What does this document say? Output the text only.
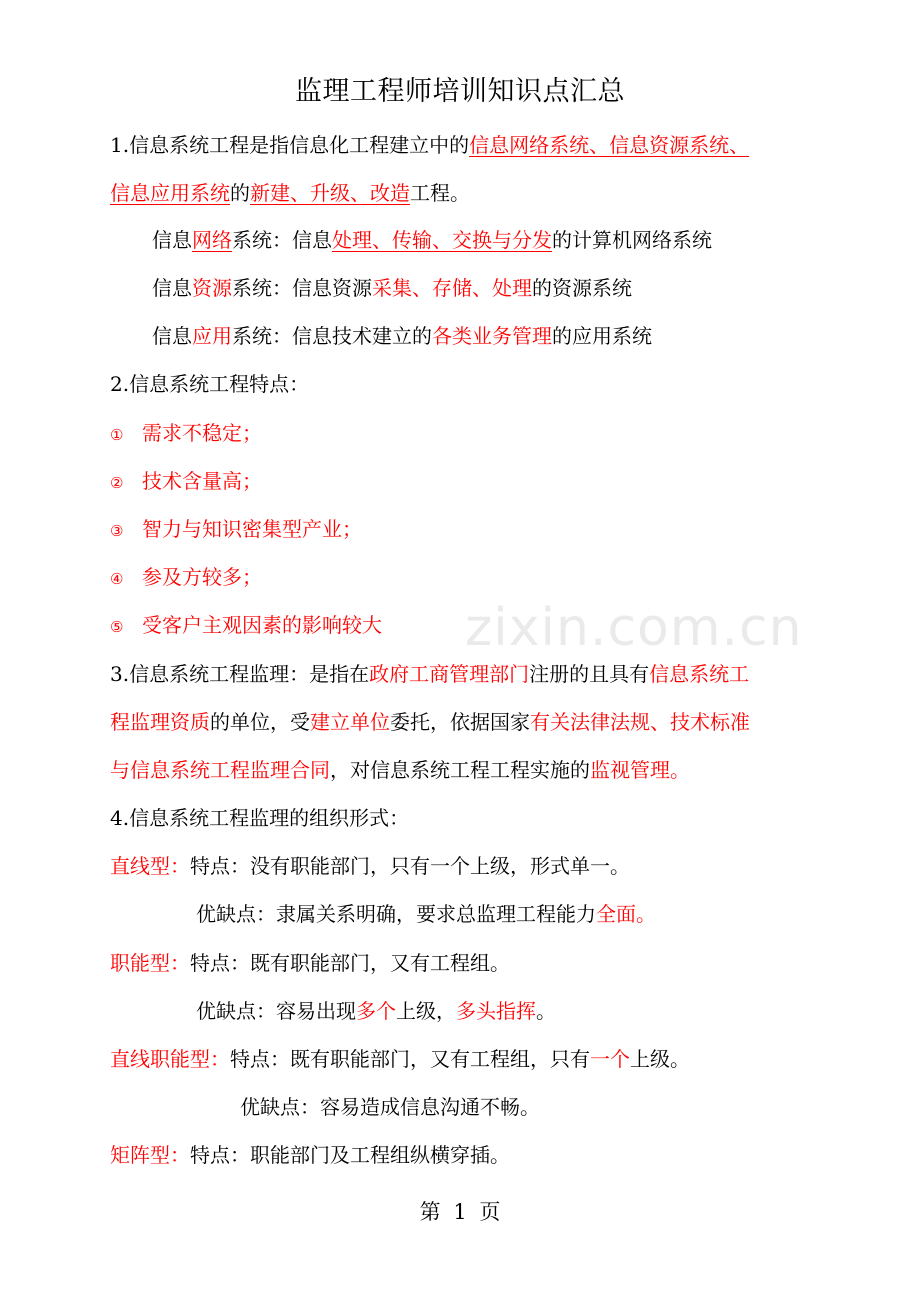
zixin.com.cn
监理工程师培训知识点汇总
1.信息系统工程是指信息化工程建立中的信息网络系统、信息资源系统、
信息应用系统的新建、升级、改造工程。
信息网络系统：信息处理、传输、交换与分发的计算机网络系统
信息资源系统：信息资源采集、存储、处理的资源系统
信息应用系统：信息技术建立的各类业务管理的应用系统
2.信息系统工程特点：
① 需求不稳定；
② 技术含量高；
③ 智力与知识密集型产业；
④ 参及方较多；
⑤ 受客户主观因素的影响较大
3.信息系统工程监理：是指在政府工商管理部门注册的且具有信息系统工
程监理资质的单位，受建立单位委托，依据国家有关法律法规、技术标准
与信息系统工程监理合同，对信息系统工程工程实施的监视管理。
4.信息系统工程监理的组织形式：
直线型：特点：没有职能部门，只有一个上级，形式单一。
优缺点：隶属关系明确，要求总监理工程能力全面。
职能型：特点：既有职能部门，又有工程组。
优缺点：容易出现多个上级，多头指挥。
直线职能型：特点：既有职能部门，又有工程组，只有一个上级。
优缺点：容易造成信息沟通不畅。
矩阵型：特点：职能部门及工程组纵横穿插。
第 1 页
